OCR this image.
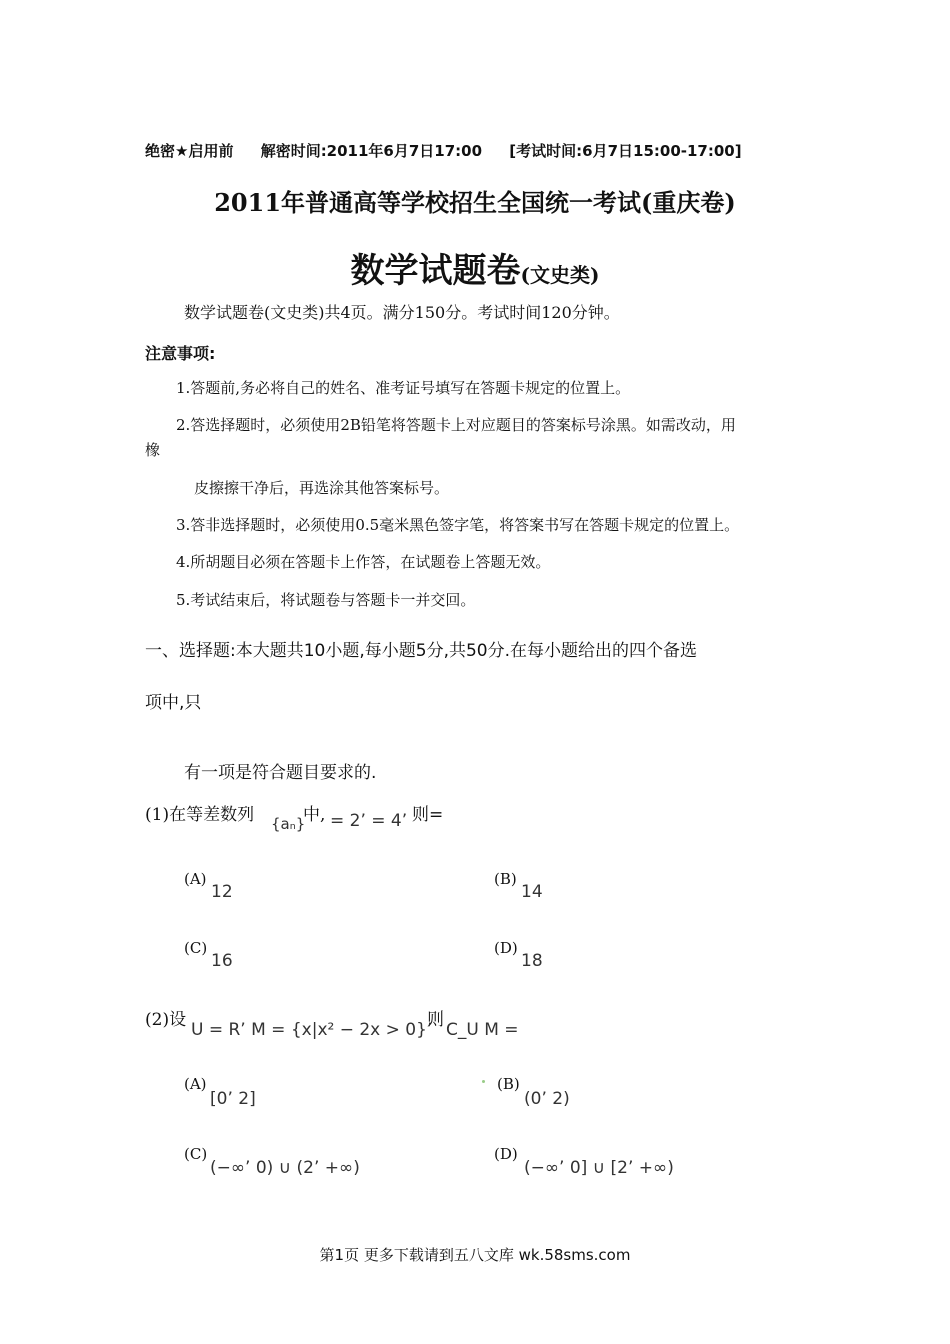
绝密★启用前 解密时间:2011年6月7日17:00 [考试时间:6月7日15:00-17:00]
2011年普通高等学校招生全国统一考试(重庆卷)
数学试题卷(文史类)
数学试题卷(文史类)共4页。满分150分。考试时间120分钟。
注意事项:
1.答题前,务必将自己的姓名、准考证号填写在答题卡规定的位置上。
2.答选择题时，必须使用2B铅笔将答题卡上对应题目的答案标号涂黑。如需改动，用
橡
皮擦擦干净后，再选涂其他答案标号。
3.答非选择题时，必须使用0.5毫米黑色签字笔，将答案书写在答题卡规定的位置上。
4.所胡题目必须在答题卡上作答，在试题卷上答题无效。
5.考试结束后，将试题卷与答题卡一并交回。
一、选择题:本大题共10小题,每小题5分,共50分.在每小题给出的四个备选
项中,只
有一项是符合题目要求的.
(1)在等差数列 {aₙ}
中, = 2’ = 4’ 则=
(A)
12
(B)
14
(C)
16
(D)
18
(2)设 U = R’ M = {x|x² − 2x > 0}’
则 C_U M =
(A)
[0’ 2]
(B)
(0’ 2)
(C)
(−∞’ 0) ∪ (2’ +∞)
(D)
(−∞’ 0] ∪ [2’ +∞)
第1页 更多下载请到五八文库 wk.58sms.com
